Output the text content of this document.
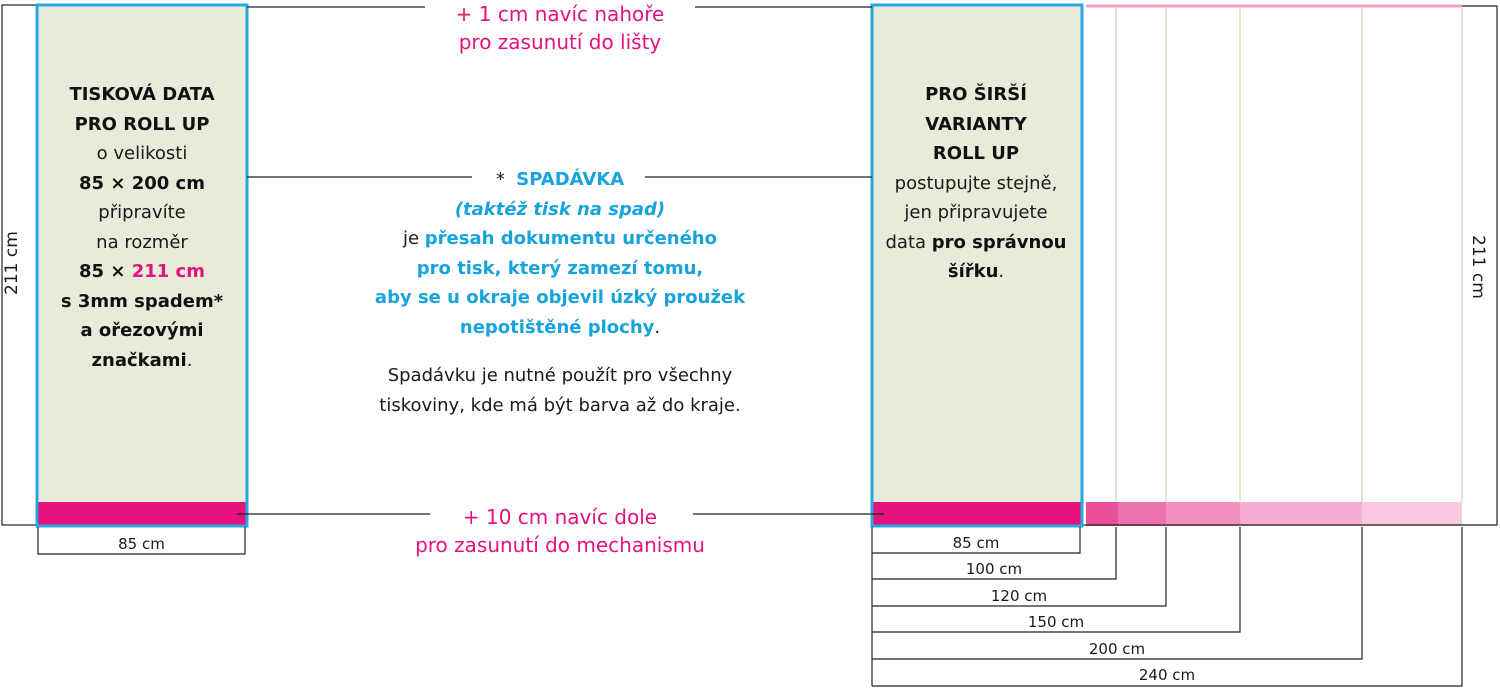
+ 1 cm navíc nahoře
pro zasunutí do lišty
TISKOVÁ DATA
PRO ROLL UP
o velikosti
85 × 200 cm
připravíte
na rozměr
85 × 211 cm
s 3mm spadem*
a ořezovými
značkami.
85 cm
211 cm
* SPADÁVKA
(taktéž tisk na spad)
je přesah dokumentu určeného
pro tisk, který zamezí tomu,
aby se u okraje objevil úzký proužek
nepotištěné plochy.
Spadávku je nutné použít pro všechny
tiskoviny, kde má být barva až do kraje.
PRO ŠIRŠÍ
VARIANTY
ROLL UP
postupujte stejně,
jen připravujete
data pro správnou
šířku.	211 cm
85 cm
100 cm
120 cm
150 cm
200 cm
240 cm
+ 10 cm navíc dole
pro zasunutí do mechanismu
